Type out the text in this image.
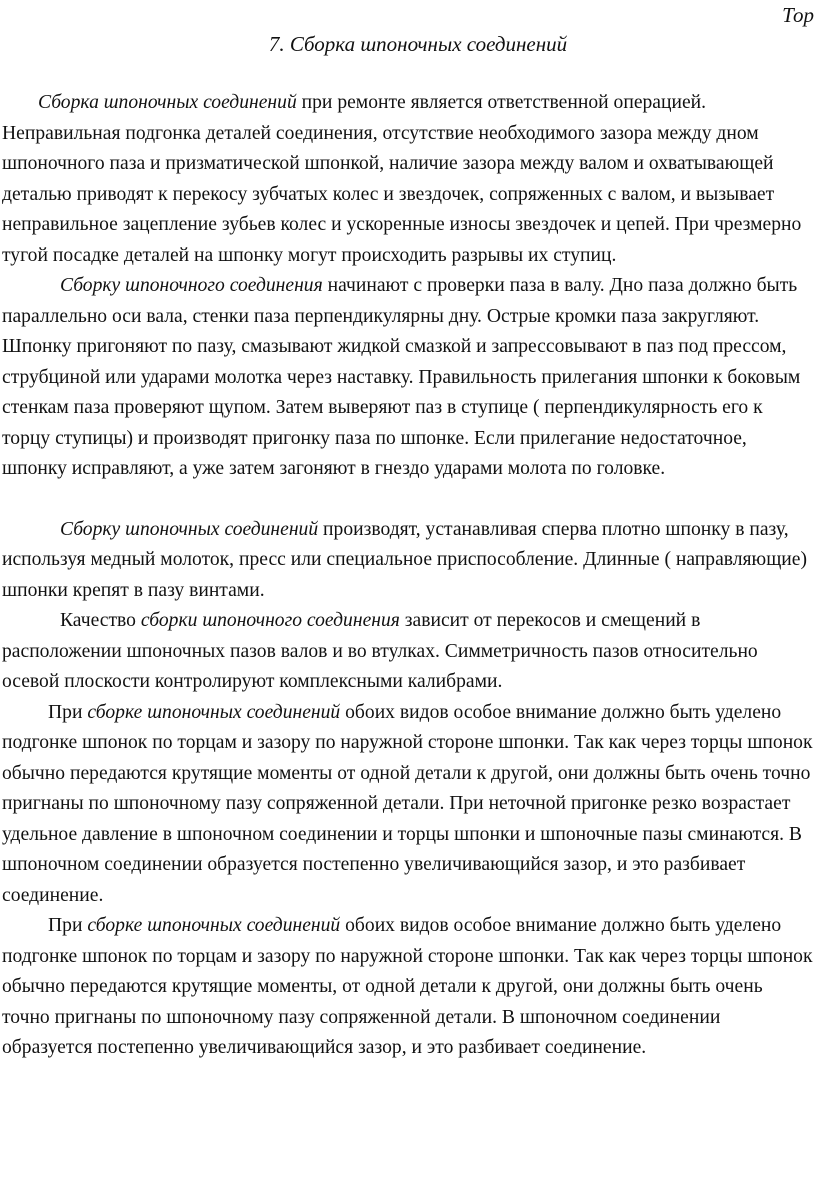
Тор
7. Сборка шпоночных соединений

Сборка шпоночных соединений при ремонте является ответственной операцией. Неправильная подгонка деталей соединения, отсутствие необходимого зазора между дном шпоночного паза и призматической шпонкой, наличие зазора между валом и охватывающей деталью приводят к перекосу зубчатых колес и звездочек, сопряженных с валом, и вызывает неправильное зацепление зубьев колес и ускоренные износы звездочек и цепей. При чрезмерно тугой посадке деталей на шпонку могут происходить разрывы их ступиц.

Сборку шпоночного соединения начинают с проверки паза в валу. Дно паза должно быть параллельно оси вала, стенки паза перпендикулярны дну. Острые кромки паза закругляют. Шпонку пригоняют по пазу, смазывают жидкой смазкой и запрессовывают в паз под прессом, струбциной или ударами молотка через наставку. Правильность прилегания шпонки к боковым стенкам паза проверяют щупом. Затем выверяют паз в ступице ( перпендикулярность его к торцу ступицы) и производят пригонку паза по шпонке. Если прилегание недостаточное, шпонку исправляют, а уже затем загоняют в гнездо ударами молота по головке.

Сборку шпоночных соединений производят, устанавливая сперва плотно шпонку в пазу, используя медный молоток, пресс или специальное приспособление. Длинные ( направляющие) шпонки крепят в пазу винтами.

Качество сборки шпоночного соединения зависит от перекосов и смещений в расположении шпоночных пазов валов и во втулках. Симметричность пазов относительно осевой плоскости контролируют комплексными калибрами.

При сборке шпоночных соединений обоих видов особое внимание должно быть уделено подгонке шпонок по торцам и зазору по наружной стороне шпонки. Так как через торцы шпонок обычно передаются крутящие моменты от одной детали к другой, они должны быть очень точно пригнаны по шпоночному пазу сопряженной детали. При неточной пригонке резко возрастает удельное давление в шпоночном соединении и торцы шпонки и шпоночные пазы сминаются. В шпоночном соединении образуется постепенно увеличивающийся зазор, и это разбивает соединение.

При сборке шпоночных соединений обоих видов особое внимание должно быть уделено подгонке шпонок по торцам и зазору по наружной стороне шпонки. Так как через торцы шпонок обычно передаются крутящие моменты, от одной детали к другой, они должны быть очень точно пригнаны по шпоночному пазу сопряженной детали. В шпоночном соединении образуется постепенно увеличивающийся зазор, и это разбивает соединение.
